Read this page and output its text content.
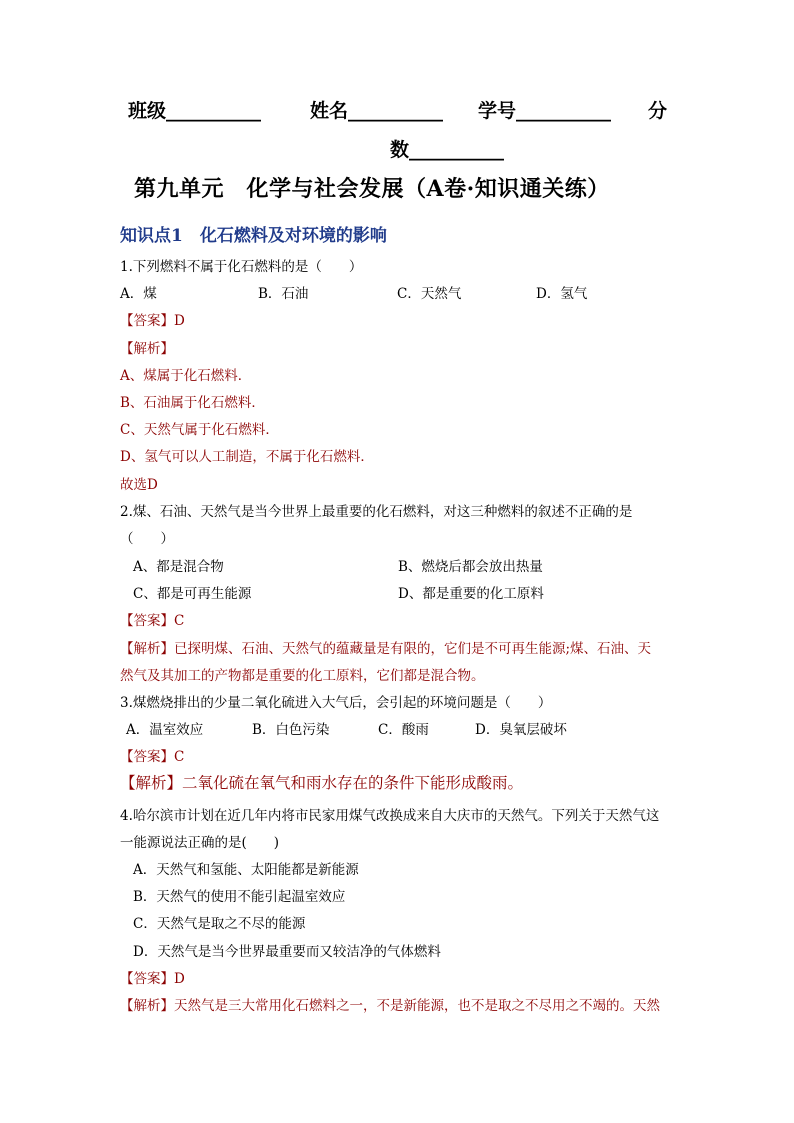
班级__________	姓名__________ 学号__________ 分
数__________
第九单元　化学与社会发展（A卷·知识通关练）
知识点1　化石燃料及对环境的影响
1.下列燃料不属于化石燃料的是（　　）
A．煤	B．石油	C．天然气	D．氢气
【答案】D
【解析】
A、煤属于化石燃料．
B、石油属于化石燃料．
C、天然气属于化石燃料．
D、氢气可以人工制造，不属于化石燃料．
故选D
2.煤、石油、天然气是当今世界上最重要的化石燃料，对这三种燃料的叙述不正确的是
（　　）
A、都是混合物	B、燃烧后都会放出热量
C、都是可再生能源	D、都是重要的化工原料
【答案】C
【解析】已探明煤、石油、天然气的蕴藏量是有限的，它们是不可再生能源;煤、石油、天
然气及其加工的产物都是重要的化工原料，它们都是混合物。
3.煤燃烧排出的少量二氧化硫进入大气后，会引起的环境问题是（　　）
A．温室效应	B．白色污染	C．酸雨	D．臭氧层破坏
【答案】C
【解析】二氧化硫在氧气和雨水存在的条件下能形成酸雨。
4.哈尔滨市计划在近几年内将市民家用煤气改换成来自大庆市的天然气。下列关于天然气这
一能源说法正确的是(　　)
A．天然气和氢能、太阳能都是新能源
B．天然气的使用不能引起温室效应
C．天然气是取之不尽的能源
D．天然气是当今世界最重要而又较洁净的气体燃料
【答案】D
【解析】天然气是三大常用化石燃料之一，不是新能源，也不是取之不尽用之不竭的。天然
